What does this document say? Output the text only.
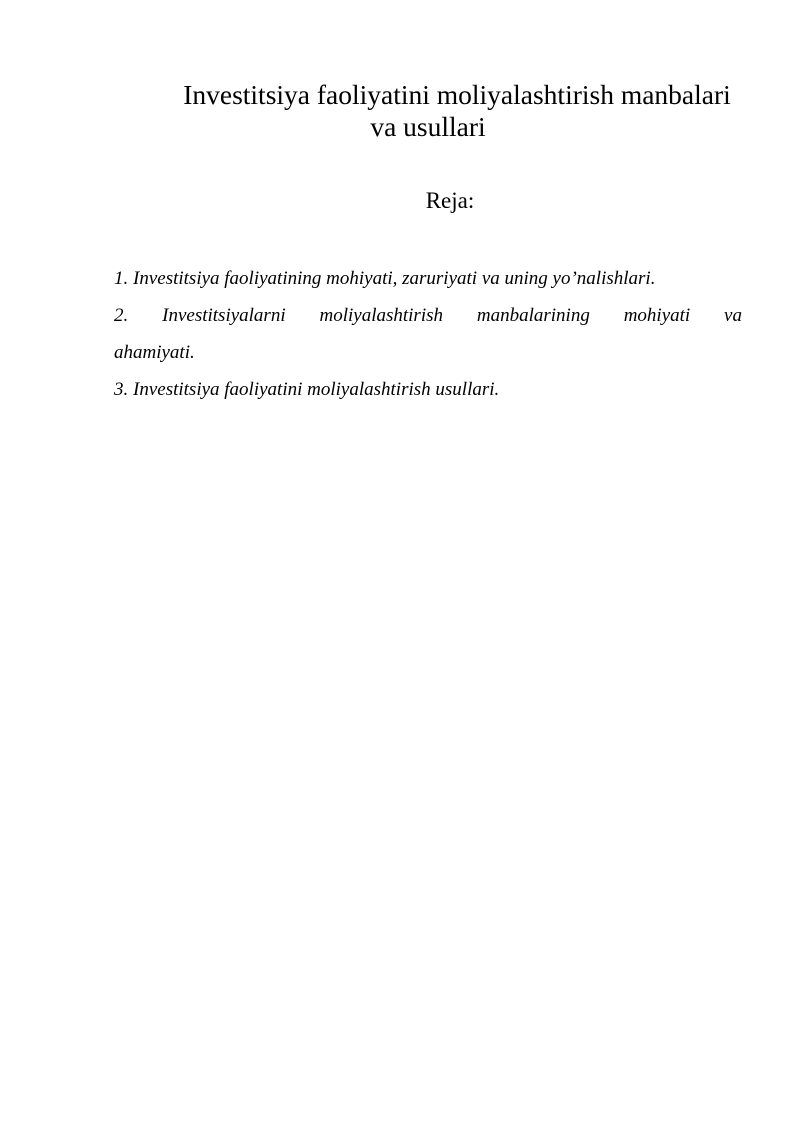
Investitsiya faoliyatini moliyalashtirish manbalari
va usullari
Reja:
1. Investitsiya faoliyatining mohiyati, zaruriyati va uning yo’nalishlari.
2. Investitsiyalarni moliyalashtirish manbalarining mohiyati va
ahamiyati.
3. Investitsiya faoliyatini moliyalashtirish usullari.
